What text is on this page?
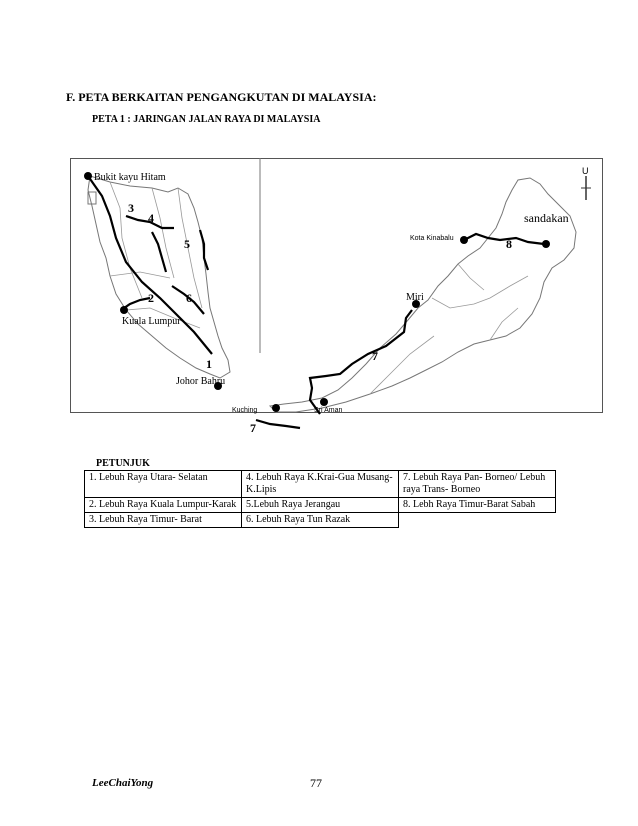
F. PETA BERKAITAN PENGANGKUTAN DI MALAYSIA:
PETA 1 : JARINGAN JALAN RAYA DI MALAYSIA
U
Bukit kayu Hitam
Kuala Lumpur
Johor Bahru
Kuching	Sri Aman
Miri
Kota Kinabalu
sandakan
1
2
3
4
5
6
7
7
8
PETUNJUK
1. Lebuh Raya Utara- Selatan	4. Lebuh Raya K.Krai-Gua Musang-K.Lipis	7. Lebuh Raya Pan- Borneo/ Lebuh raya Trans- Borneo
2. Lebuh Raya Kuala Lumpur-Karak	5.Lebuh Raya Jerangau	8. Lebh Raya Timur-Barat Sabah
3. Lebuh Raya Timur- Barat	6. Lebuh Raya Tun Razak	
LeeChaiYong	77
